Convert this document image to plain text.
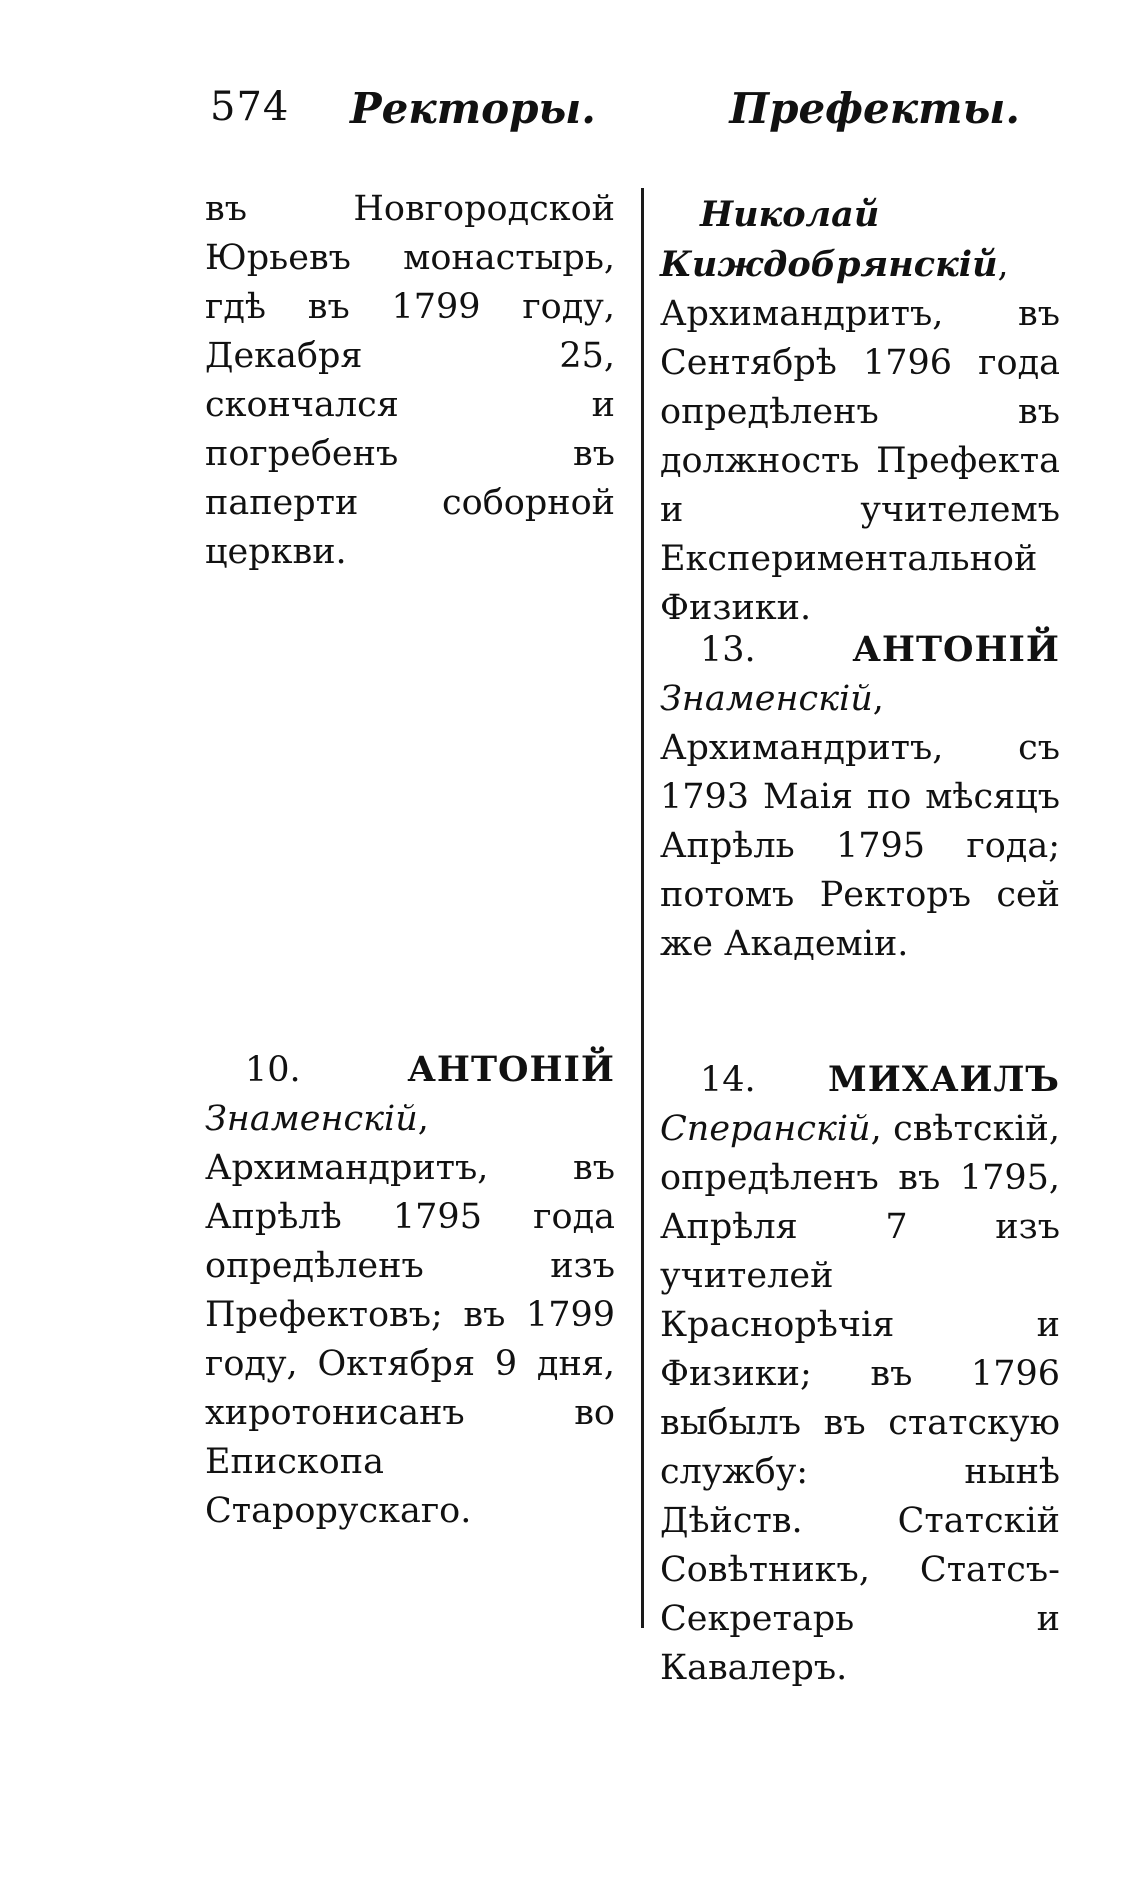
574 Ректоры.	Префекты.

въ Новгородской Юрьевъ монастырь, гдѣ въ 1799 году, Декабря 25, скончался и погребенъ въ паперти соборной церкви.

10.	АНТОНІЙ Знаменскій, Архимандритъ, въ Апрѣлѣ 1795 года опредѣленъ изъ Префектовъ; въ 1799 году, Октября 9 дня, хиротонисанъ во Епископа Старорускаго.

Николай Киждобрянскій, Архимандритъ, въ Сентябрѣ 1796 года опредѣленъ въ должность Префекта и учителемъ Експериментальной Физики.

13.	АНТОНІЙ Знаменскій, Архимандритъ, съ 1793 Маія по мѣсяцъ Апрѣль 1795 года; потомъ Ректоръ сей же Академіи.

14. МИХАИЛЪ Сперанскій, свѣтскій, опредѣленъ въ 1795, Апрѣля 7 изъ учителей Краснорѣчія и Физики; въ 1796 выбылъ въ статскую службу: нынѣ Дѣйств. Статскій Совѣтникъ, Статсъ-Секретарь и Кавалеръ.
